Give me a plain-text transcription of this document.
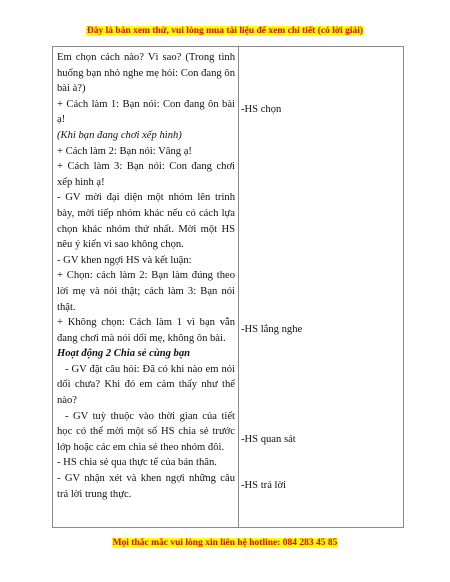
Đây là bản xem thử, vui lòng mua tài liệu để xem chi tiết (có lời giải)

Em chọn cách nào? Vì sao? (Trong tình huống bạn nhỏ nghe mẹ hỏi: Con đang ôn bài à?)

+ Cách làm 1: Bạn nói: Con đang ôn bài ạ!

(Khi bạn đang chơi xếp hình)

+ Cách làm 2: Bạn nói: Vâng ạ!

+ Cách làm 3: Bạn nói: Con đang chơi xếp hình ạ!

- GV mời đại diện một nhóm lên trình bày, mời tiếp nhóm khác nếu có cách lựa chọn khác nhóm thứ nhất. Mời một HS nêu ý kiến vì sao không chọn.

- GV khen ngợi HS và kết luận:

+ Chọn: cách làm 2: Bạn làm đúng theo lời mẹ và nói thật; cách làm 3: Bạn nói thật.

+ Không chọn: Cách làm 1 vì bạn vẫn đang chơi mà nói dối mẹ, không ôn bài.

Hoạt động 2 Chia sẻ cùng bạn

- GV đặt câu hỏi: Đã có khi nào em nói dối chưa? Khi đó em cảm thấy như thế nào?

- GV tuỳ thuộc vào thời gian của tiết học có thể mời một số HS chia sẻ trước lớp hoặc các em chia sẻ theo nhóm đôi.

- HS chia sẻ qua thực tế của bản thân.

- GV nhận xét và khen ngợi những câu trả lời trung thực.

-HS chọn
-HS lắng nghe
-HS quan sát
-HS trả lời
Mọi thắc mắc vui lòng xin liên hệ hotline: 084 283 45 85
